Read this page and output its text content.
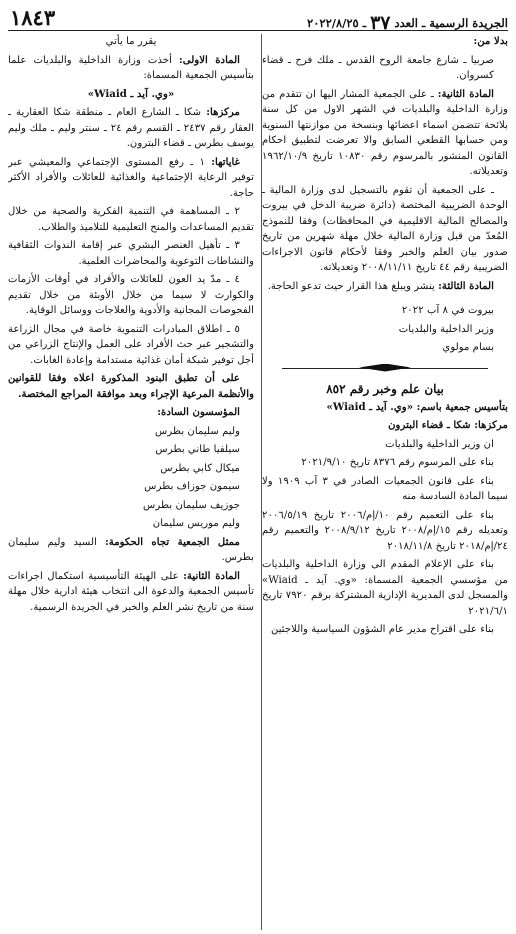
الجريدة الرسمية ـ العدد ٣٧ ـ ٢٠٢٢/٨/٢٥
١٨٤٣

بدلا من:

صربيا ـ شارع جامعة الروح القدس ـ ملك فرح ـ قضاء كسروان.

المادة الثانية: ـ على الجمعية المشار اليها ان تتقدم من وزارة الداخلية والبلديات في الشهر الاول من كل سنة بلائحة تتضمن اسماء اعضائها وبنسخة من موازنتها السنوية ومن حسابها القطعي السابق والا تعرضت لتطبيق احكام القانون المنشور بالمرسوم رقم ١٠٨٣٠ تاريخ ١٩٦٢/١٠/٩ وتعديلاته.

ـ على الجمعية أن تقوم بالتسجيل لدى وزارة المالية ـ الوحدة الضريبية المختصة (دائرة ضريبة الدخل في بيروت والمصالح المالية الاقليمية في المحافظات) وفقا للنموذج المُعدّ من قبل وزارة المالية خلال مهلة شهرين من تاريخ صدور بيان العلم والخبر وفقا لأحكام قانون الاجراءات الضريبية رقم ٤٤ تاريخ ٢٠٠٨/١١/١١ وتعديلاته.

المادة الثالثة: ينشر ويبلغ هذا القرار حيث تدعو الحاجة.

بيروت في ٨ آب ٢٠٢٢

وزير الداخلية والبلديات

بسام مولوي

بيان علم وخبر رقم ٨٥٢

بتأسيس جمعية باسم: «وي. آيد ـ Wiaid»

مركزها: شكا ـ قضاء البترون

ان وزير الداخلية والبلديات

بناء على المرسوم رقم ٨٣٧٦ تاريخ ٢٠٢١/٩/١٠

بناء على قانون الجمعيات الصادر في ٣ آب ١٩٠٩ ولا سيما المادة السادسة منه

بناء على التعميم رقم ١٠/إم/٢٠٠٦ تاريخ ٢٠٠٦/٥/١٩ وتعديله رقم ١٥/إم/٢٠٠٨ تاريخ ٢٠٠٨/٩/١٢ والتعميم رقم ٢٤/إم/٢٠١٨ تاريخ ٢٠١٨/١١/٨

بناء على الإعلام المقدم الى وزارة الداخلية والبلديات من مؤسسي الجمعية المسماة: «وي. آيد ـ Wiaid» والمسجل لدى المديرية الإدارية المشتركة برقم ٧٩٢٠ تاريخ ٢٠٢١/٦/١

بناء على اقتراح مدير عام الشؤون السياسية واللاجئين

يقرر ما يأتي

المادة الاولى: أخذت وزارة الداخلية والبلديات علما بتأسيس الجمعية المسماة:

«وي. آيد ـ Wiaid»

مركزها: شكا ـ الشارع العام ـ منطقة شكا العقارية ـ العقار رقم ٢٤٣٧ ـ القسم رقم ٢٤ ـ سنتر وليم ـ ملك وليم يوسف بطرس ـ قضاء البترون.

غاياتها: ١ ـ رفع المستوى الإجتماعي والمعيشي عبر توفير الرعاية الإجتماعية والغذائية للعائلات والأفراد الأكثر حاجة.

٢ ـ المساهمة في التنمية الفكرية والصحية من خلال تقديم المساعدات والمنح التعليمية للتلاميذ والطلاب.

٣ ـ تأهيل العنصر البشري عبر إقامة الندوات الثقافية والنشاطات التوعوية والمحاضرات العلمية.

٤ ـ مدّ يد العون للعائلات والأفراد في أوقات الأزمات والكوارث لا سيما من خلال الأوبئة من خلال تقديم الفحوصات المجانية والأدوية والعلاجات ووسائل الوقاية.

٥ ـ اطلاق المبادرات التنموية خاصة في مجال الزراعة والتشجير عبر حث الأفراد على العمل والإنتاج الزراعي من أجل توفير شبكة أمان غذائية مستدامة وإعادة الغابات.

على أن تطبق البنود المذكورة اعلاه وفقا للقوانين والأنظمة المرعية الإجراء وبعد موافقة المراجع المختصة.

المؤسسون السادة:

وليم سليمان بطرس

سيلفيا طاني بطرس

ميكال كابي بطرس

سيمون جوزاف بطرس

جوزيف سليمان بطرس

وليم موريس سليمان

ممثل الجمعية تجاه الحكومة: السيد وليم سليمان بطرس.

المادة الثانية: على الهيئة التأسيسية استكمال اجراءات تأسيس الجمعية والدعوة الى انتخاب هيئة ادارية خلال مهلة سنة من تاريخ نشر العلم والخبر في الجريدة الرسمية.
